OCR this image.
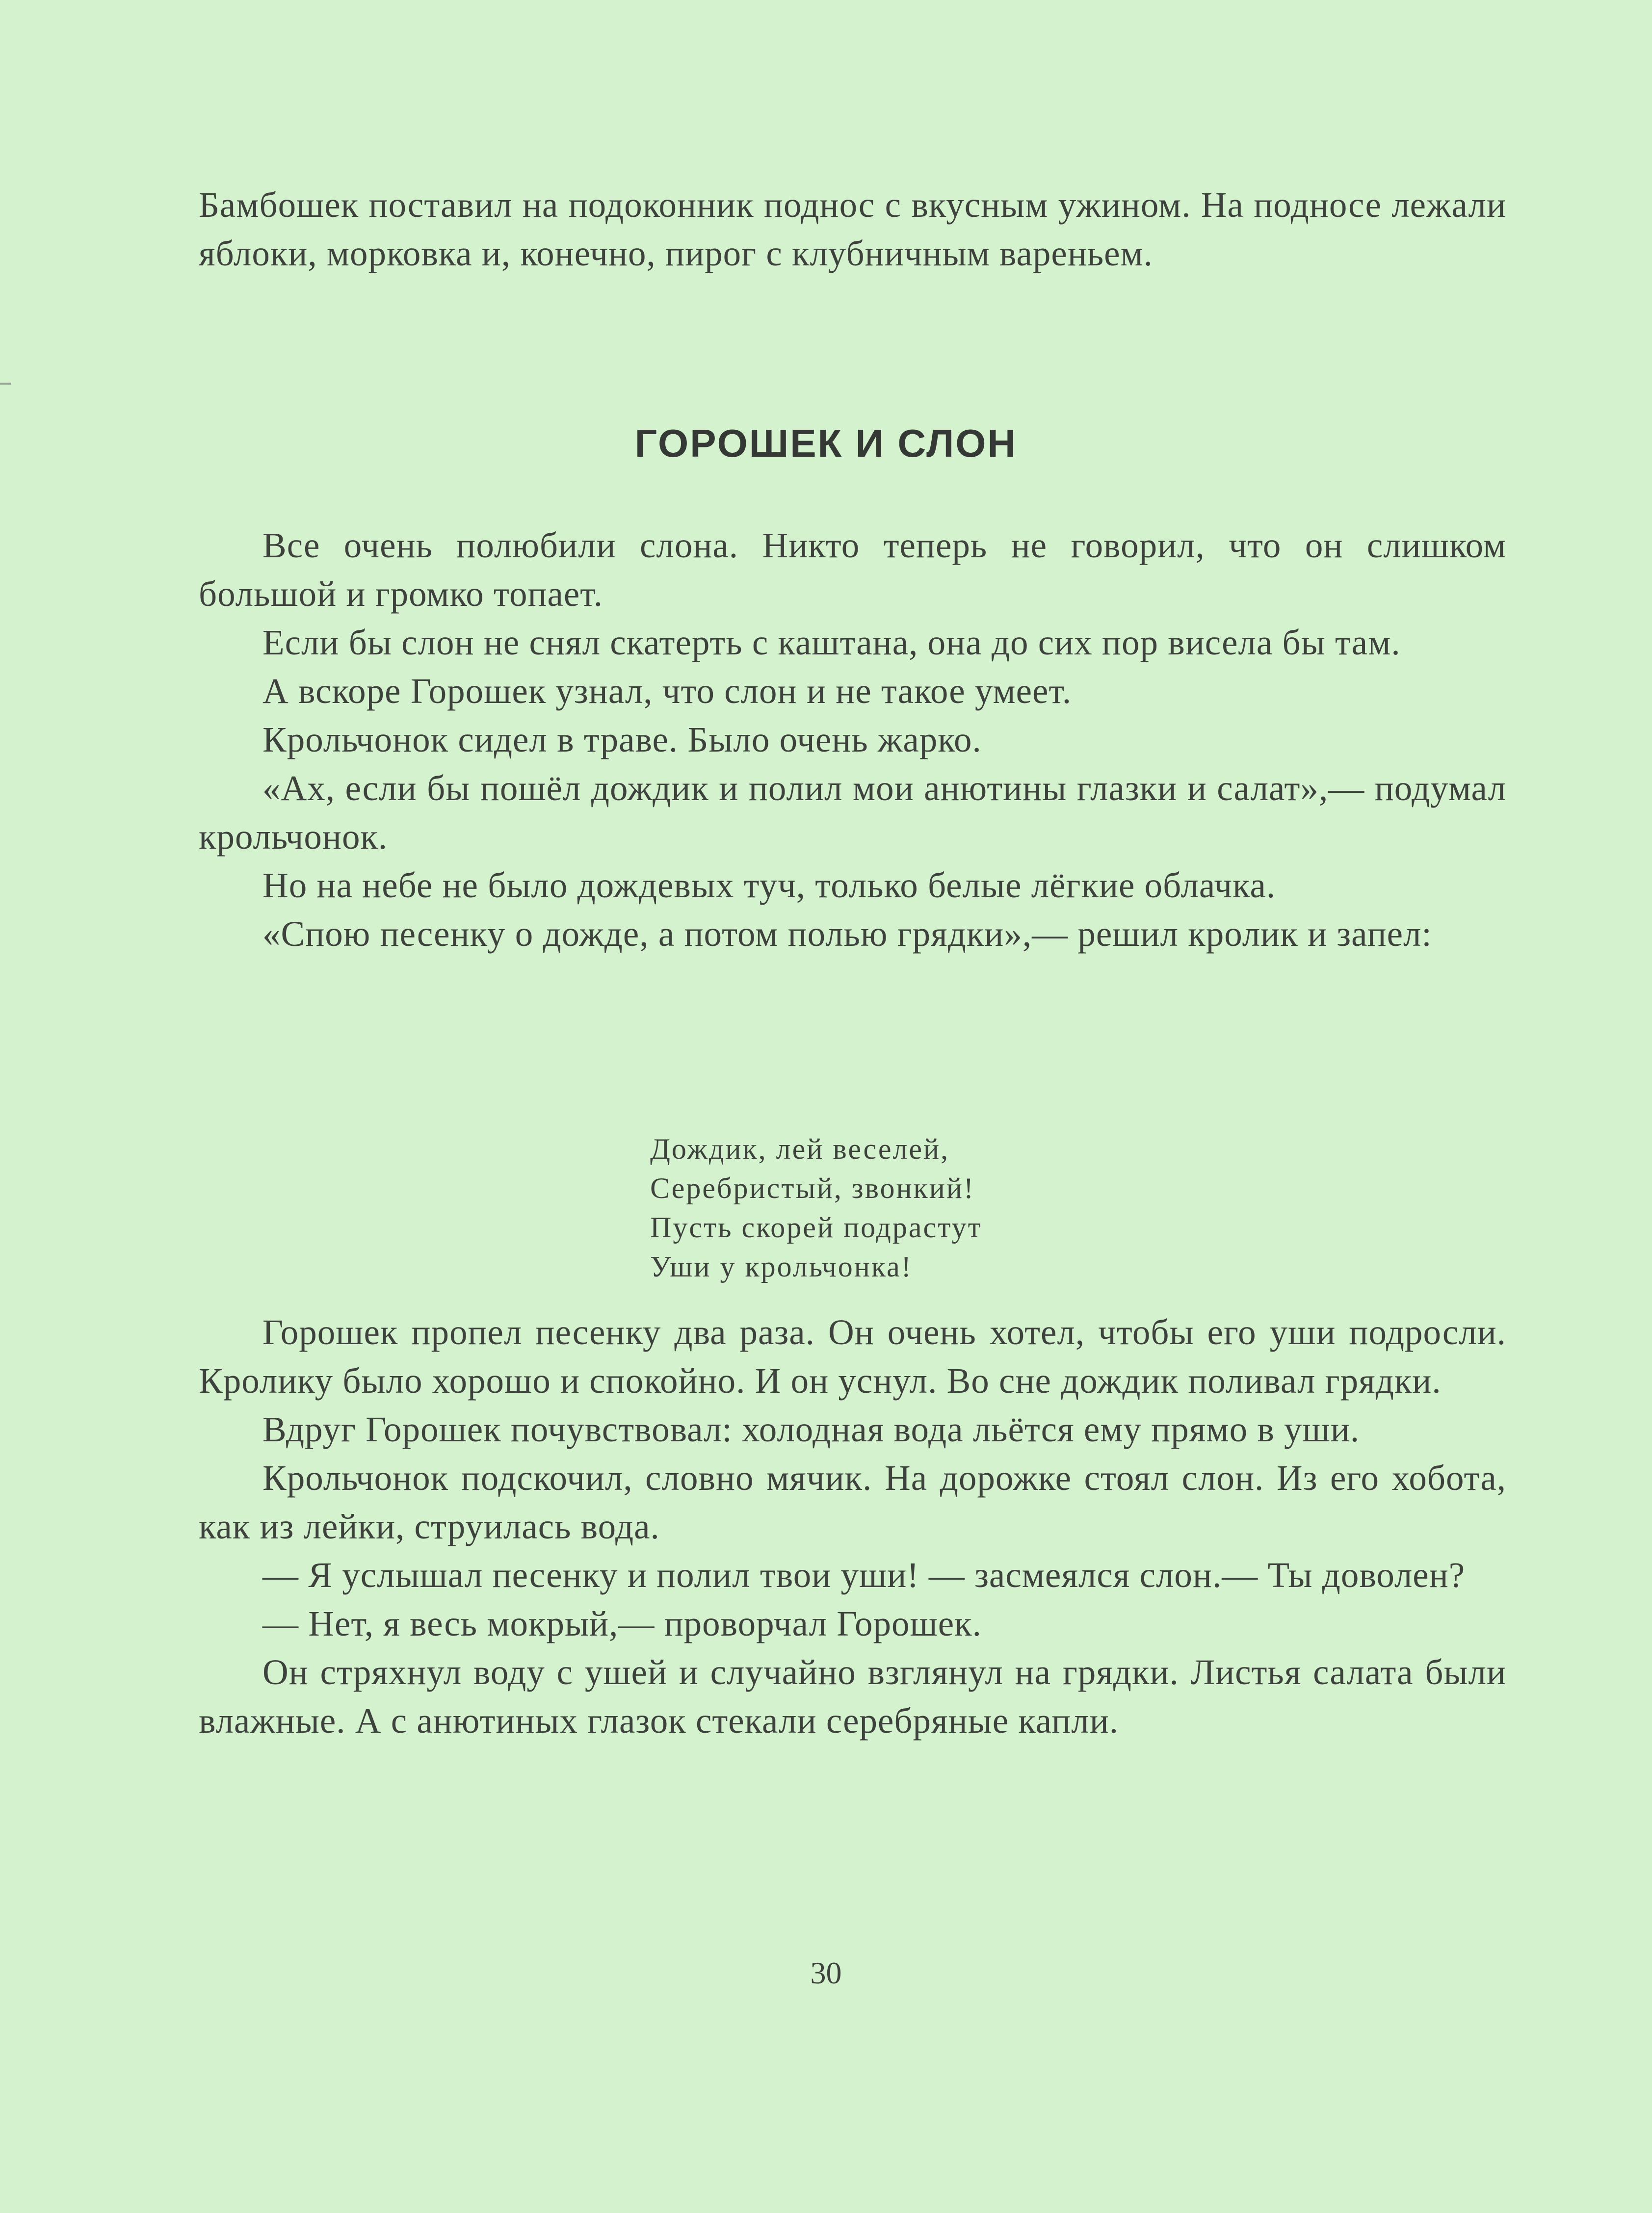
Бамбошек поставил на подоконник поднос с вкусным ужином. На подносе лежали яблоки, морковка и, конечно, пирог с клубничным вареньем.

ГОРОШЕК И СЛОН

Все очень полюбили слона. Никто теперь не говорил, что он слишком большой и громко топает.

Если бы слон не снял скатерть с каштана, она до сих пор висела бы там.

А вскоре Горошек узнал, что слон и не такое умеет.

Крольчонок сидел в траве. Было очень жарко.

«Ах, если бы пошёл дождик и полил мои анютины глазки и салат»,— подумал крольчонок.

Но на небе не было дождевых туч, только белые лёгкие облачка.

«Спою песенку о дожде, а потом полью грядки»,— решил кролик и запел:

Дождик, лей веселей,
Серебристый, звонкий!
Пусть скорей подрастут
Уши у крольчонка!

Горошек пропел песенку два раза. Он очень хотел, чтобы его уши подросли. Кролику было хорошо и спокойно. И он уснул. Во сне дождик поливал грядки.

Вдруг Горошек почувствовал: холодная вода льётся ему прямо в уши.

Крольчонок подскочил, словно мячик. На дорожке стоял слон. Из его хобота, как из лейки, струилась вода.

— Я услышал песенку и полил твои уши! — засмеялся слон.— Ты доволен?

— Нет, я весь мокрый,— проворчал Горошек.

Он стряхнул воду с ушей и случайно взглянул на грядки. Листья салата были влажные. А с анютиных глазок стекали серебряные капли.

30
